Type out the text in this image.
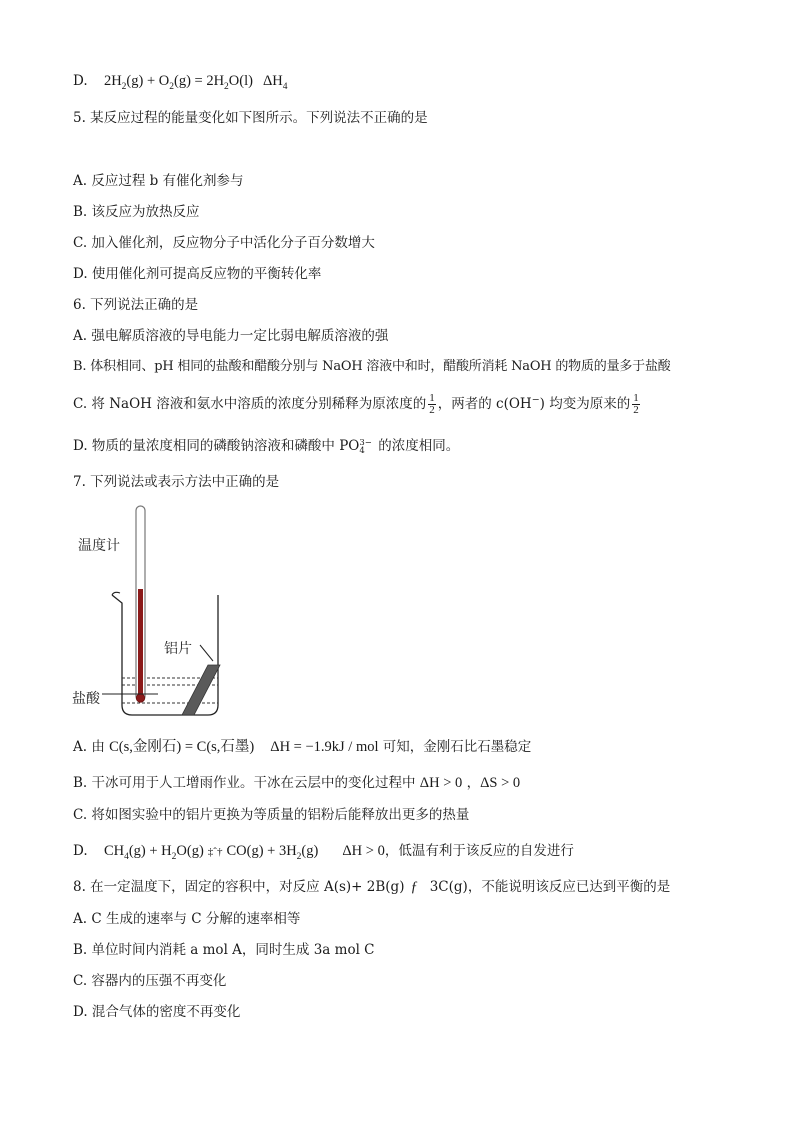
D. $2H_2(g) + O_2(g) = 2H_2O(l)$ $\Delta H_4$
5. 某反应过程的能量变化如下图所示。下列说法不正确的是
A. 反应过程 b 有催化剂参与
B. 该反应为放热反应
C. 加入催化剂，反应物分子中活化分子百分数增大
D. 使用催化剂可提高反应物的平衡转化率
6. 下列说法正确的是
A. 强电解质溶液的导电能力一定比弱电解质溶液的强
B. 体积相同、pH 相同的盐酸和醋酸分别与 NaOH 溶液中和时，醋酸所消耗 NaOH 的物质的量多于盐酸
C. 将 NaOH 溶液和氨水中溶质的浓度分别稀释为原浓度的 $\frac{1}{2}$ ，两者的 c(OH−) 均变为原来的 $\frac{1}{2}$
D. 物质的量浓度相同的磷酸钠溶液和磷酸中 PO 3−
4 的浓度相同。
7. 下列说法或表示方法中正确的是
温度计
铝片
盐酸
A. 由 C(s,金刚石) = C(s,石墨) ΔH = −1.9kJ / mol 可知，金刚石比石墨稳定
B. 干冰可用于人工增雨作业。干冰在云层中的变化过程中 ΔH > 0 ，ΔS > 0
C. 将如图实验中的铝片更换为等质量的铝粉后能释放出更多的热量
D. $CH_4(g) + H_2O(g)$ ‡ˆ† $CO(g) + 3H_2(g) \Delta H > 0$，低温有利于该反应的自发进行
8. 在一定温度下，固定的容积中，对反应 A(s)+ 2B(g) ƒ 3C(g)，不能说明该反应已达到平衡的是
A. C 生成的速率与 C 分解的速率相等
B. 单位时间内消耗 a mol A，同时生成 3a mol C
C. 容器内的压强不再变化
D. 混合气体的密度不再变化
